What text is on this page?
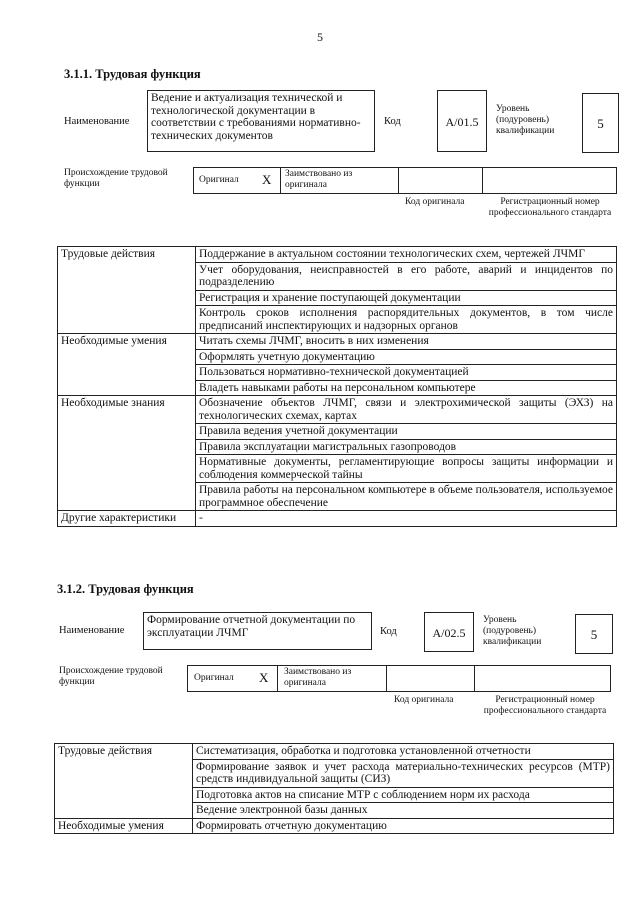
5
3.1.1. Трудовая функция
Наименование
Ведение и актуализация технической и технологической документации в соответствии с требованиями нормативно-технических документов
Код	А/01.5
Уровень (подуровень) квалификации	5
Происхождение трудовой функции	Оригинал X Заимствовано из оригинала
Код оригинала	Регистрационный номер профессионального стандарта
Трудовые действия	Поддержание в актуальном состоянии технологических схем, чертежей ЛЧМГ
	Учет оборудования, неисправностей в его работе, аварий и инцидентов по подразделению
	Регистрация и хранение поступающей документации
	Контроль сроков исполнения распорядительных документов, в том числе предписаний инспектирующих и надзорных органов
Необходимые умения	Читать схемы ЛЧМГ, вносить в них изменения
	Оформлять учетную документацию
	Пользоваться нормативно-технической документацией
	Владеть навыками работы на персональном компьютере
Необходимые знания	Обозначение объектов ЛЧМГ, связи и электрохимической защиты (ЭХЗ) на технологических схемах, картах
	Правила ведения учетной документации
	Правила эксплуатации магистральных газопроводов
	Нормативные документы, регламентирующие вопросы защиты информации и соблюдения коммерческой тайны
	Правила работы на персональном компьютере в объеме пользователя, используемое программное обеспечение
Другие характеристики	-
3.1.2. Трудовая функция
Наименование
Формирование отчетной документации по эксплуатации ЛЧМГ	Код	А/02.5
Уровень (подуровень) квалификации	5
Происхождение трудовой функции	Оригинал X Заимствовано из оригинала
Код оригинала	Регистрационный номер профессионального стандарта
Трудовые действия	Систематизация, обработка и подготовка установленной отчетности
	Формирование заявок и учет расхода материально-технических ресурсов (МТР) средств индивидуальной защиты (СИЗ)
	Подготовка актов на списание МТР с соблюдением норм их расхода
	Ведение электронной базы данных
Необходимые умения	Формировать отчетную документацию
